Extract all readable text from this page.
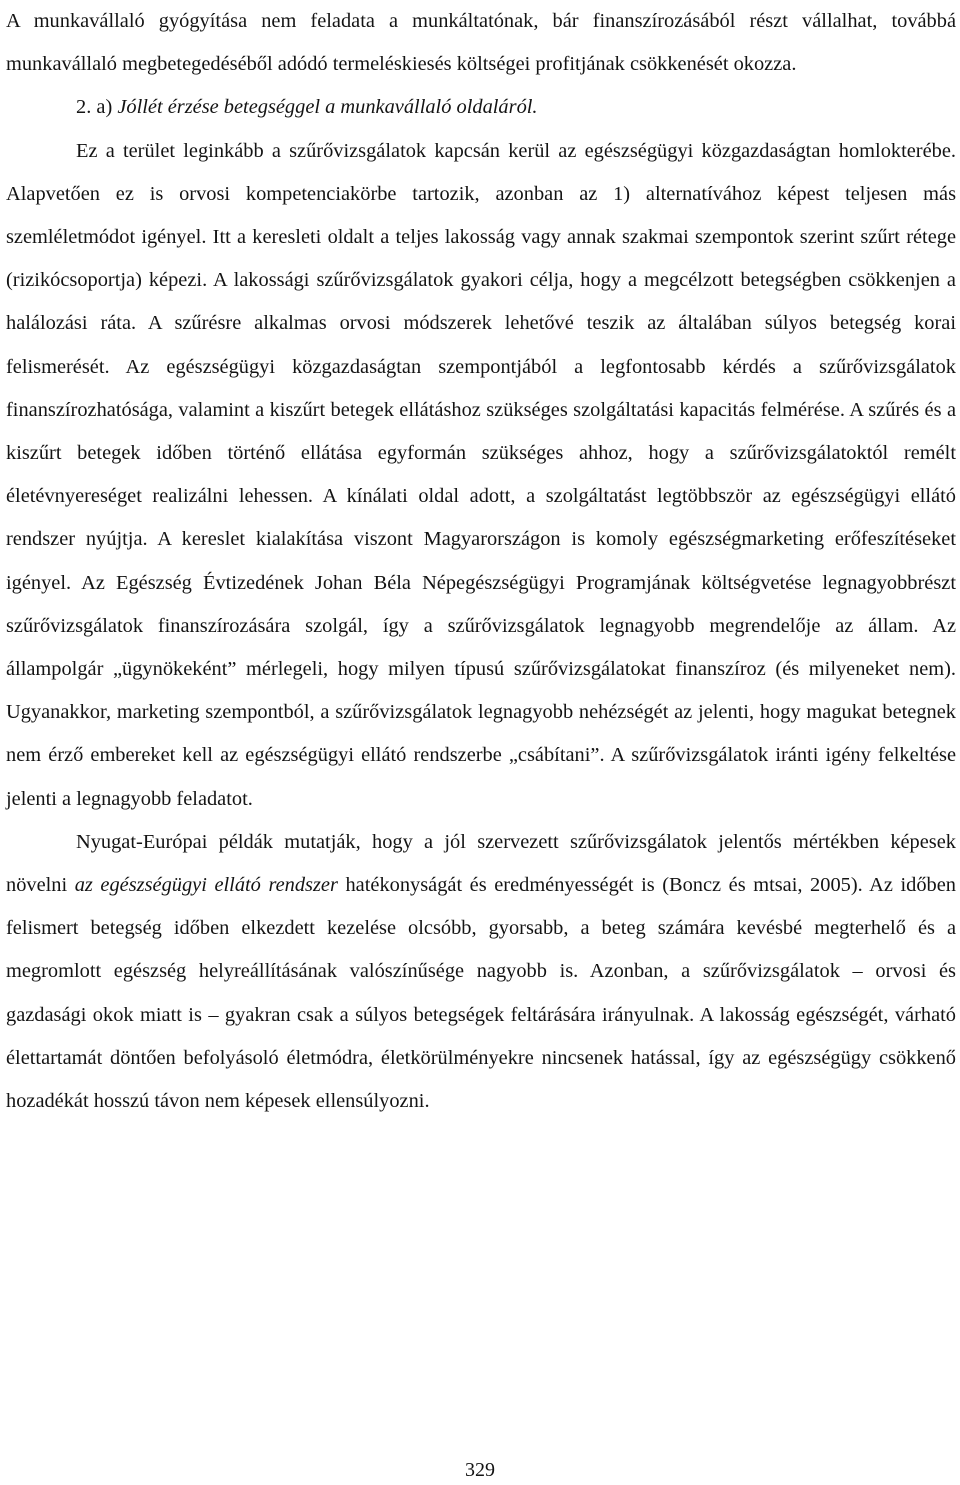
A munkavállaló gyógyítása nem feladata a munkáltatónak, bár finanszírozásából részt vállalhat, továbbá munkavállaló megbetegedéséből adódó termeléskiesés költségei profitjának csökkenését okozza.

2. a) Jóllét érzése betegséggel a munkavállaló oldaláról.

Ez a terület leginkább a szűrővizsgálatok kapcsán kerül az egészségügyi közgazdaságtan homlokterébe. Alapvetően ez is orvosi kompetenciakörbe tartozik, azonban az 1) alternatívához képest teljesen más szemléletmódot igényel. Itt a keresleti oldalt a teljes lakosság vagy annak szakmai szempontok szerint szűrt rétege (rizikócsoportja) képezi. A lakossági szűrővizsgálatok gyakori célja, hogy a megcélzott betegségben csökkenjen a halálozási ráta. A szűrésre alkalmas orvosi módszerek lehetővé teszik az általában súlyos betegség korai felismerését. Az egészségügyi közgazdaságtan szempontjából a legfontosabb kérdés a szűrővizsgálatok finanszírozhatósága, valamint a kiszűrt betegek ellátáshoz szükséges szolgáltatási kapacitás felmérése. A szűrés és a kiszűrt betegek időben történő ellátása egyformán szükséges ahhoz, hogy a szűrővizsgálatoktól remélt életévnyereséget realizálni lehessen. A kínálati oldal adott, a szolgáltatást legtöbbször az egészségügyi ellátó rendszer nyújtja. A kereslet kialakítása viszont Magyarországon is komoly egészségmarketing erőfeszítéseket igényel. Az Egészség Évtizedének Johan Béla Népegészségügyi Programjának költségvetése legnagyobbrészt szűrővizsgálatok finanszírozására szolgál, így a szűrővizsgálatok legnagyobb megrendelője az állam. Az állampolgár „ügynökeként” mérlegeli, hogy milyen típusú szűrővizsgálatokat finanszíroz (és milyeneket nem). Ugyanakkor, marketing szempontból, a szűrővizsgálatok legnagyobb nehézségét az jelenti, hogy magukat betegnek nem érző embereket kell az egészségügyi ellátó rendszerbe „csábítani”. A szűrővizsgálatok iránti igény felkeltése jelenti a legnagyobb feladatot.

Nyugat-Európai példák mutatják, hogy a jól szervezett szűrővizsgálatok jelentős mértékben képesek növelni az egészségügyi ellátó rendszer hatékonyságát és eredményességét is (Boncz és mtsai, 2005). Az időben felismert betegség időben elkezdett kezelése olcsóbb, gyorsabb, a beteg számára kevésbé megterhelő és a megromlott egészség helyreállításának valószínűsége nagyobb is. Azonban, a szűrővizsgálatok – orvosi és gazdasági okok miatt is – gyakran csak a súlyos betegségek feltárására irányulnak. A lakosság egészségét, várható élettartamát döntően befolyásoló életmódra, életkörülményekre nincsenek hatással, így az egészségügy csökkenő hozadékát hosszú távon nem képesek ellensúlyozni.

329
